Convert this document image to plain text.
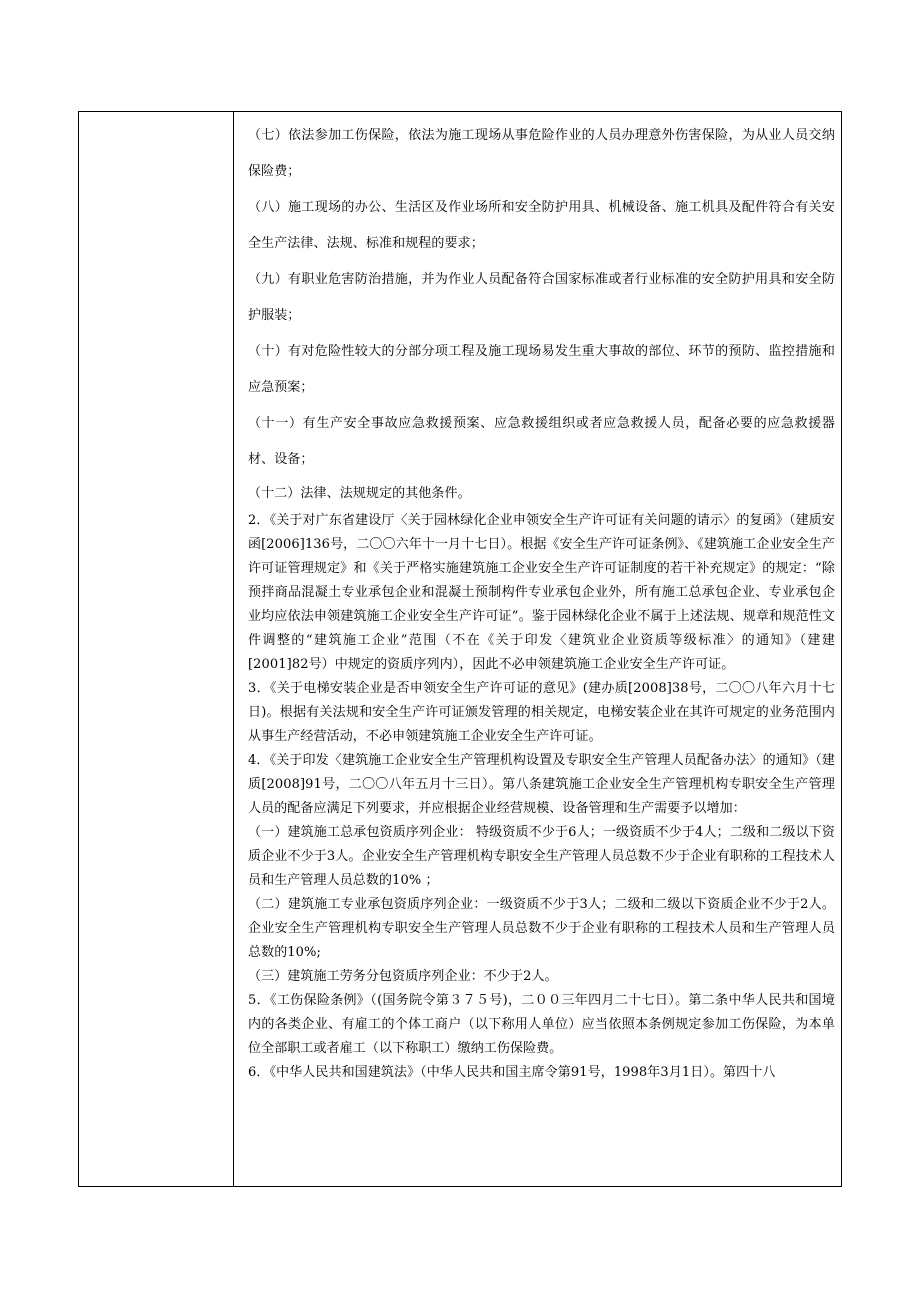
（七）依法参加工伤保险，依法为施工现场从事危险作业的人员办理意外伤害保险，为从业人员交纳保险费；

（八）施工现场的办公、生活区及作业场所和安全防护用具、机械设备、施工机具及配件符合有关安全生产法律、法规、标准和规程的要求；

（九）有职业危害防治措施，并为作业人员配备符合国家标准或者行业标准的安全防护用具和安全防护服装；

（十）有对危险性较大的分部分项工程及施工现场易发生重大事故的部位、环节的预防、监控措施和应急预案；

（十一）有生产安全事故应急救援预案、应急救援组织或者应急救援人员，配备必要的应急救援器材、设备；

（十二）法律、法规规定的其他条件。

2．《关于对广东省建设厅〈关于园林绿化企业申领安全生产许可证有关问题的请示〉的复函》（建质安函[2006]136号，二〇〇六年十一月十七日）。根据《安全生产许可证条例》、《建筑施工企业安全生产许可证管理规定》和《关于严格实施建筑施工企业安全生产许可证制度的若干补充规定》的规定：“除预拌商品混凝土专业承包企业和混凝土预制构件专业承包企业外，所有施工总承包企业、专业承包企业均应依法申领建筑施工企业安全生产许可证”。鉴于园林绿化企业不属于上述法规、规章和规范性文件调整的“建筑施工企业”范围（不在《关于印发〈建筑业企业资质等级标准〉的通知》（建建[2001]82号）中规定的资质序列内），因此不必申领建筑施工企业安全生产许可证。

3．《关于电梯安装企业是否申领安全生产许可证的意见》(建办质[2008]38号，二〇〇八年六月十七日)。根据有关法规和安全生产许可证颁发管理的相关规定，电梯安装企业在其许可规定的业务范围内从事生产经营活动，不必申领建筑施工企业安全生产许可证。

4．《关于印发〈建筑施工企业安全生产管理机构设置及专职安全生产管理人员配备办法〉的通知》（建质[2008]91号，二〇〇八年五月十三日）。第八条建筑施工企业安全生产管理机构专职安全生产管理人员的配备应满足下列要求，并应根据企业经营规模、设备管理和生产需要予以增加：

（一）建筑施工总承包资质序列企业： 特级资质不少于6人；一级资质不少于4人；二级和二级以下资质企业不少于3人。企业安全生产管理机构专职安全生产管理人员总数不少于企业有职称的工程技术人员和生产管理人员总数的10% ；

（二）建筑施工专业承包资质序列企业：一级资质不少于3人；二级和二级以下资质企业不少于2人。企业安全生产管理机构专职安全生产管理人员总数不少于企业有职称的工程技术人员和生产管理人员总数的10%;

（三）建筑施工劳务分包资质序列企业：不少于2人。

5．《工伤保险条例》（(国务院令第３７５号)，二００三年四月二十七日）。第二条中华人民共和国境内的各类企业、有雇工的个体工商户（以下称用人单位）应当依照本条例规定参加工伤保险，为本单位全部职工或者雇工（以下称职工）缴纳工伤保险费。

6．《中华人民共和国建筑法》（中华人民共和国主席令第91号，1998年3月1日）。第四十八
